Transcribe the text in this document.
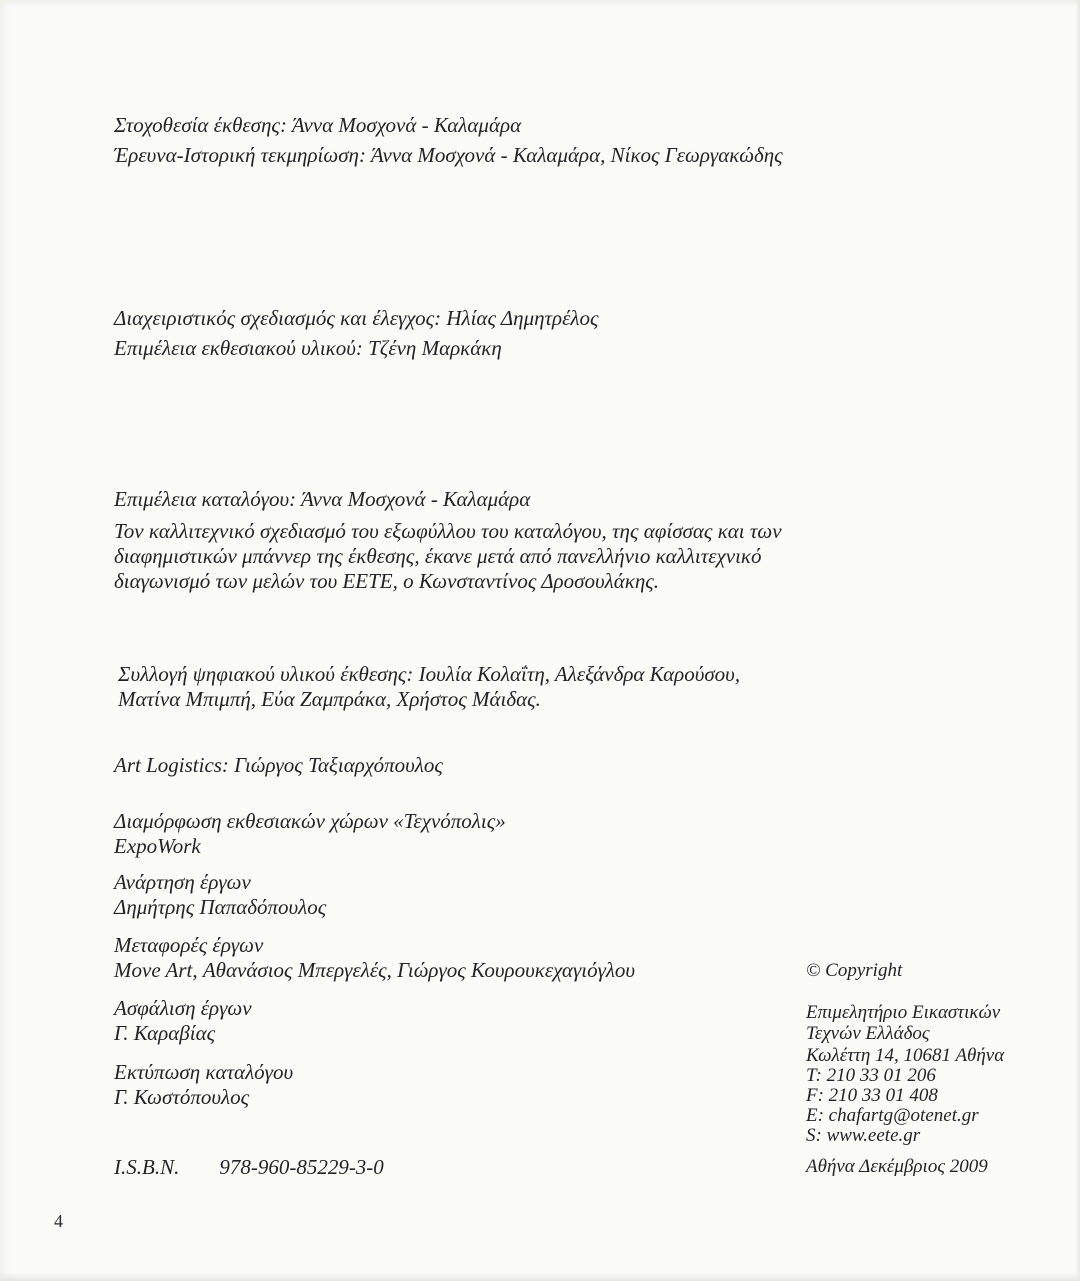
Στοχοθεσία έκθεσης: Άννα Μοσχονά - Καλαμάρα
Έρευνα-Ιστορική τεκμηρίωση: Άννα Μοσχονά - Καλαμάρα, Νίκος Γεωργακώδης
Διαχειριστικός σχεδιασμός και έλεγχος: Ηλίας Δημητρέλος
Επιμέλεια εκθεσιακού υλικού: Τζένη Μαρκάκη
Επιμέλεια καταλόγου: Άννα Μοσχονά - Καλαμάρα
Τον καλλιτεχνικό σχεδιασμό του εξωφύλλου του καταλόγου, της αφίσσας και των
διαφημιστικών μπάννερ της έκθεσης, έκανε μετά από πανελλήνιο καλλιτεχνικό
διαγωνισμό των μελών του ΕΕΤΕ, ο Κωνσταντίνος Δροσουλάκης.
Συλλογή ψηφιακού υλικού έκθεσης: Ιουλία Κολαΐτη, Αλεξάνδρα Καρούσου,
Ματίνα Μπιμπή, Εύα Ζαμπράκα, Χρήστος Μάιδας.
Art Logistics: Γιώργος Ταξιαρχόπουλος
Διαμόρφωση εκθεσιακών χώρων «Τεχνόπολις»
ExpoWork
Ανάρτηση έργων
Δημήτρης Παπαδόπουλος
Μεταφορές έργων
Move Art, Αθανάσιος Μπεργελές, Γιώργος Κουρουκεχαγιόγλου
Ασφάλιση έργων
Γ. Καραβίας
Εκτύπωση καταλόγου
Γ. Κωστόπουλος
I.S.B.N. 978-960-85229-3-0
© Copyright
Επιμελητήριο Εικαστικών
Τεχνών Ελλάδος
Κωλέττη 14, 10681 Αθήνα
T: 210 33 01 206
F: 210 33 01 408
E: chafartg@otenet.gr
S: www.eete.gr
Αθήνα Δεκέμβριος 2009
4
